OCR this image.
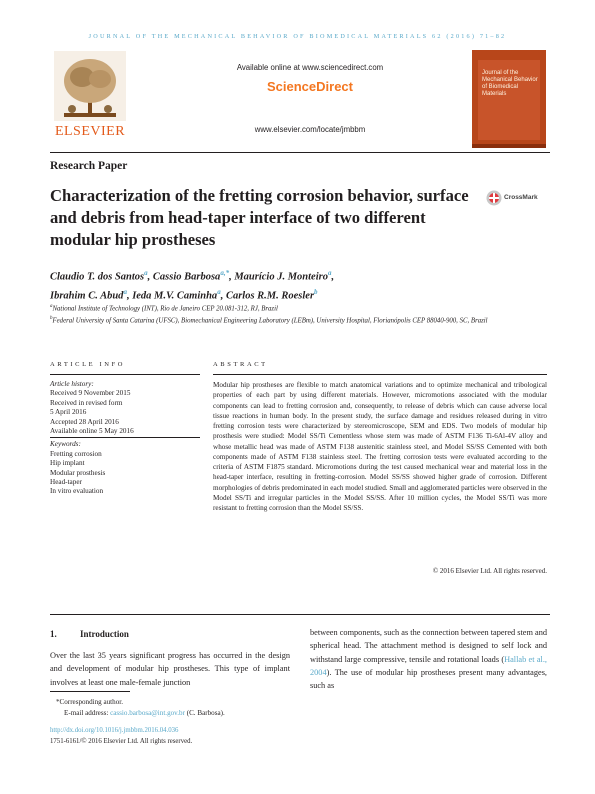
JOURNAL OF THE MECHANICAL BEHAVIOR OF BIOMEDICAL MATERIALS 62 (2016) 71–82
ELSEVIER
Available online at www.sciencedirect.com
ScienceDirect
www.elsevier.com/locate/jmbbm
Journal of the Mechanical Behavior of Biomedical Materials
Research Paper
Characterization of the fretting corrosion behavior, surface and debris from head-taper interface of two different modular hip prostheses
CrossMark
Claudio T. dos Santos$^a$, Cassio Barbosa$^{a,*}$, Maurício J. Monteiro$^a$,
Ibrahim C. Abud$^a$, Ieda M.V. Caminha$^a$, Carlos R.M. Roesler$^b$
$^a$National Institute of Technology (INT), Rio de Janeiro CEP 20.081-312, RJ, Brazil
$^b$Federal University of Santa Catarina (UFSC), Biomechanical Engineering Laboratory (LEBm), University Hospital, Florianópolis CEP 88040-900, SC, Brazil
ARTICLE INFO	ABSTRACT
Article history:
Received 9 November 2015
Received in revised form
5 April 2016
Accepted 28 April 2016
Available online 5 May 2016
Keywords:
Fretting corrosion
Hip implant
Modular prosthesis
Head-taper
In vitro evaluation
Modular hip prostheses are flexible to match anatomical variations and to optimize mechanical and tribological properties of each part by using different materials. However, micromotions associated with the modular components can lead to fretting corrosion and, consequently, to release of debris which can cause adverse local tissue reactions in human body. In the present study, the surface damage and residues released during in vitro fretting corrosion tests were characterized by stereomicroscope, SEM and EDS. Two models of modular hip prosthesis were studied: Model SS/Ti Cementless whose stem was made of ASTM F136 Ti-6Al-4V alloy and whose metallic head was made of ASTM F138 austenitic stainless steel, and Model SS/SS Cemented with both components made of ASTM F138 stainless steel. The fretting corrosion tests were evaluated according to the criteria of ASTM F1875 standard. Micromotions during the test caused mechanical wear and material loss in the head-taper interface, resulting in fretting-corrosion. Model SS/SS showed higher grade of corrosion. Different morphologies of debris predominated in each model studied. Small and agglomerated particles were observed in the Model SS/Ti and irregular particles in the Model SS/SS. After 10 million cycles, the Model SS/Ti was more resistant to fretting corrosion than the Model SS/SS.
© 2016 Elsevier Ltd. All rights reserved.
1.	Introduction
Over the last 35 years significant progress has occurred in the design and development of modular hip prostheses. This type of implant involves at least one male-female junction
between components, such as the connection between tapered stem and spherical head. The attachment method is designed to self lock and withstand large compressive, tensile and rotational loads (Hallab et al., 2004). The use of modular hip prostheses present many advantages, such as
*Corresponding author.
E-mail address: cassio.barbosa@int.gov.br (C. Barbosa).
http://dx.doi.org/10.1016/j.jmbbm.2016.04.036
1751-6161/© 2016 Elsevier Ltd. All rights reserved.
